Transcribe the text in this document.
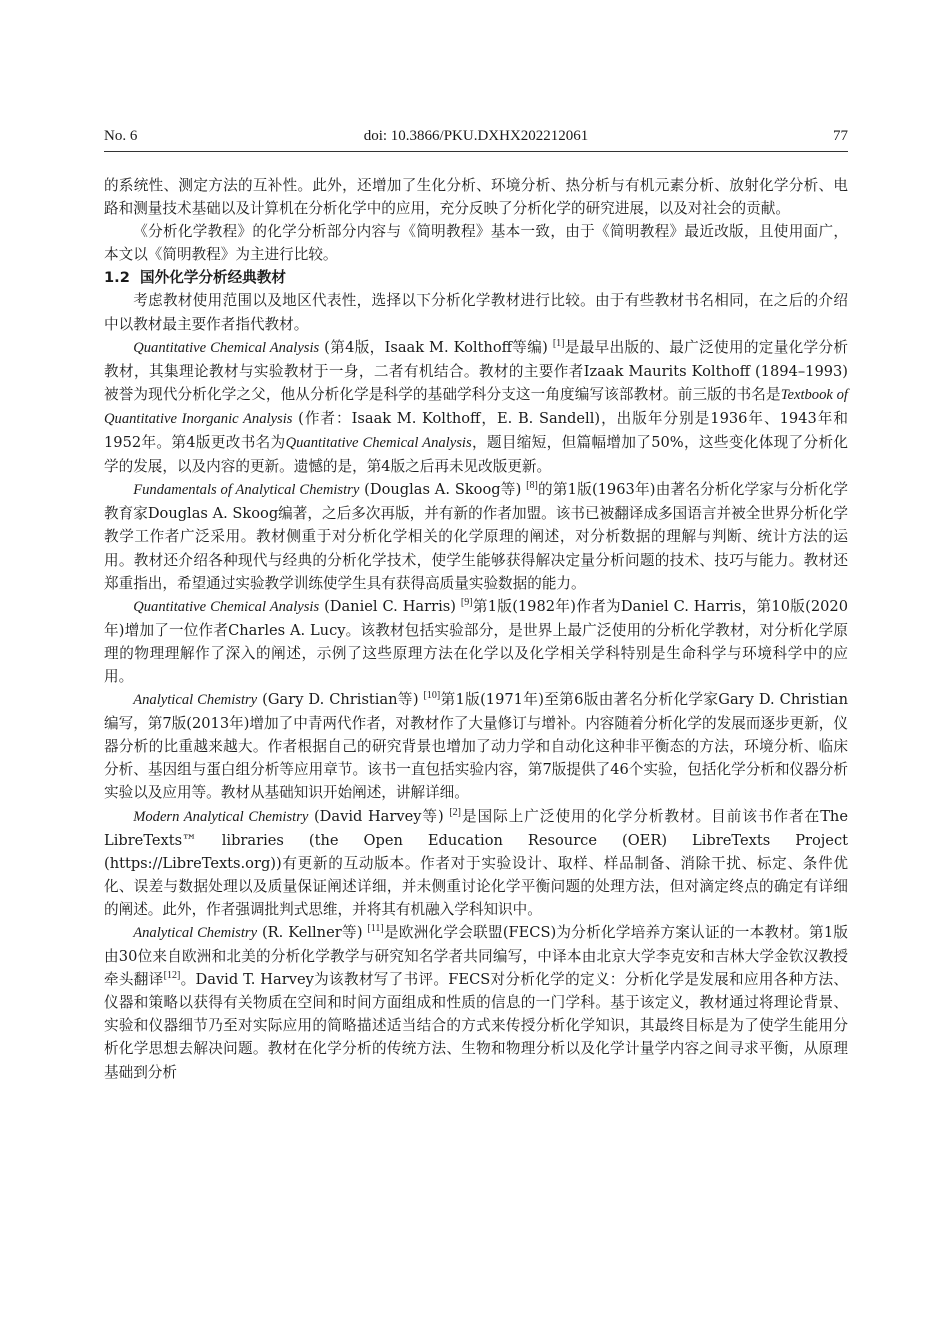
No. 6	doi: 10.3866/PKU.DXHX202212061	77

的系统性、测定方法的互补性。此外，还增加了生化分析、环境分析、热分析与有机元素分析、放射化学分析、电路和测量技术基础以及计算机在分析化学中的应用，充分反映了分析化学的研究进展，以及对社会的贡献。

《分析化学教程》的化学分析部分内容与《简明教程》基本一致，由于《简明教程》最近改版，且使用面广，本文以《简明教程》为主进行比较。

1.2 国外化学分析经典教材

考虑教材使用范围以及地区代表性，选择以下分析化学教材进行比较。由于有些教材书名相同，在之后的介绍中以教材最主要作者指代教材。

Quantitative Chemical Analysis (第4版，Isaak M. Kolthoff等编) [1]是最早出版的、最广泛使用的定量化学分析教材，其集理论教材与实验教材于一身，二者有机结合。教材的主要作者Izaak Maurits Kolthoff (1894–1993)被誉为现代分析化学之父，他从分析化学是科学的基础学科分支这一角度编写该部教材。前三版的书名是Textbook of Quantitative Inorganic Analysis (作者：Isaak M. Kolthoff，E. B. Sandell)，出版年分别是1936年、1943年和1952年。第4版更改书名为Quantitative Chemical Analysis，题目缩短，但篇幅增加了50%，这些变化体现了分析化学的发展，以及内容的更新。遗憾的是，第4版之后再未见改版更新。

Fundamentals of Analytical Chemistry (Douglas A. Skoog等) [8]的第1版(1963年)由著名分析化学家与分析化学教育家Douglas A. Skoog编著，之后多次再版，并有新的作者加盟。该书已被翻译成多国语言并被全世界分析化学教学工作者广泛采用。教材侧重于对分析化学相关的化学原理的阐述，对分析数据的理解与判断、统计方法的运用。教材还介绍各种现代与经典的分析化学技术，使学生能够获得解决定量分析问题的技术、技巧与能力。教材还郑重指出，希望通过实验教学训练使学生具有获得高质量实验数据的能力。

Quantitative Chemical Analysis (Daniel C. Harris) [9]第1版(1982年)作者为Daniel C. Harris，第10版(2020年)增加了一位作者Charles A. Lucy。该教材包括实验部分，是世界上最广泛使用的分析化学教材，对分析化学原理的物理理解作了深入的阐述，示例了这些原理方法在化学以及化学相关学科特别是生命科学与环境科学中的应用。

Analytical Chemistry (Gary D. Christian等) [10]第1版(1971年)至第6版由著名分析化学家Gary D. Christian编写，第7版(2013年)增加了中青两代作者，对教材作了大量修订与增补。内容随着分析化学的发展而逐步更新，仪器分析的比重越来越大。作者根据自己的研究背景也增加了动力学和自动化这种非平衡态的方法，环境分析、临床分析、基因组与蛋白组分析等应用章节。该书一直包括实验内容，第7版提供了46个实验，包括化学分析和仪器分析实验以及应用等。教材从基础知识开始阐述，讲解详细。

Modern Analytical Chemistry (David Harvey等) [2]是国际上广泛使用的化学分析教材。目前该书作者在The LibreTexts™ libraries (the Open Education Resource (OER) LibreTexts Project (https://LibreTexts.org))有更新的互动版本。作者对于实验设计、取样、样品制备、消除干扰、标定、条件优化、误差与数据处理以及质量保证阐述详细，并未侧重讨论化学平衡问题的处理方法，但对滴定终点的确定有详细的阐述。此外，作者强调批判式思维，并将其有机融入学科知识中。

Analytical Chemistry (R. Kellner等) [11]是欧洲化学会联盟(FECS)为分析化学培养方案认证的一本教材。第1版由30位来自欧洲和北美的分析化学教学与研究知名学者共同编写，中译本由北京大学李克安和吉林大学金钦汉教授牵头翻译[12]。David T. Harvey为该教材写了书评。FECS对分析化学的定义：分析化学是发展和应用各种方法、仪器和策略以获得有关物质在空间和时间方面组成和性质的信息的一门学科。基于该定义，教材通过将理论背景、实验和仪器细节乃至对实际应用的简略描述适当结合的方式来传授分析化学知识，其最终目标是为了使学生能用分析化学思想去解决问题。教材在化学分析的传统方法、生物和物理分析以及化学计量学内容之间寻求平衡，从原理基础到分析
